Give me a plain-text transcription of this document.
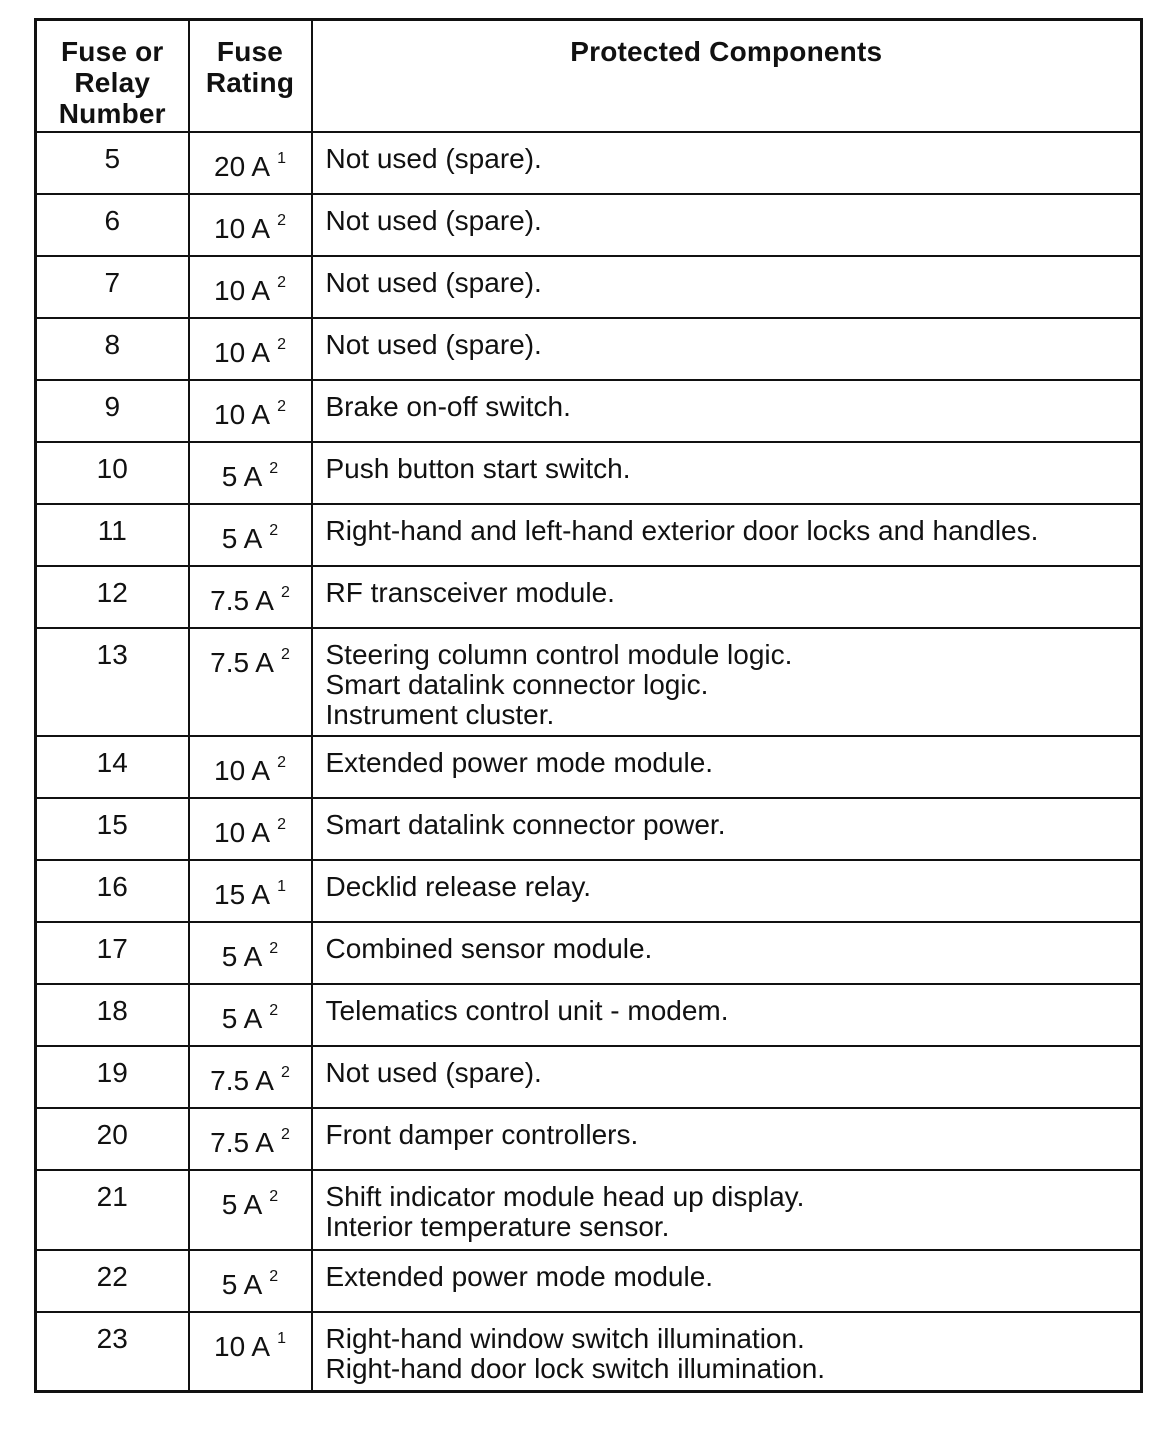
Fuse or Relay Number	Fuse Rating	Protected Components
5	20 A $^1$	Not used (spare).

6	10 A $^2$	Not used (spare).

7	10 A $^2$	Not used (spare).

8	10 A $^2$	Not used (spare).

9	10 A $^2$	Brake on-off switch.

10	5 A $^2$	Push button start switch.

11	5 A $^2$	Right-hand and left-hand exterior door locks and handles.

12	7.5 A $^2$	RF transceiver module.

13	7.5 A $^2$	Steering column control module logic.
Smart datalink connector logic.
Instrument cluster.

14	10 A $^2$	Extended power mode module.

15	10 A $^2$	Smart datalink connector power.

16	15 A $^1$	Decklid release relay.

17	5 A $^2$	Combined sensor module.

18	5 A $^2$	Telematics control unit - modem.

19	7.5 A $^2$	Not used (spare).

20	7.5 A $^2$	Front damper controllers.

21	5 A $^2$	Shift indicator module head up display.
Interior temperature sensor.

22	5 A $^2$	Extended power mode module.

23	10 A $^1$	Right-hand window switch illumination.
Right-hand door lock switch illumination.
